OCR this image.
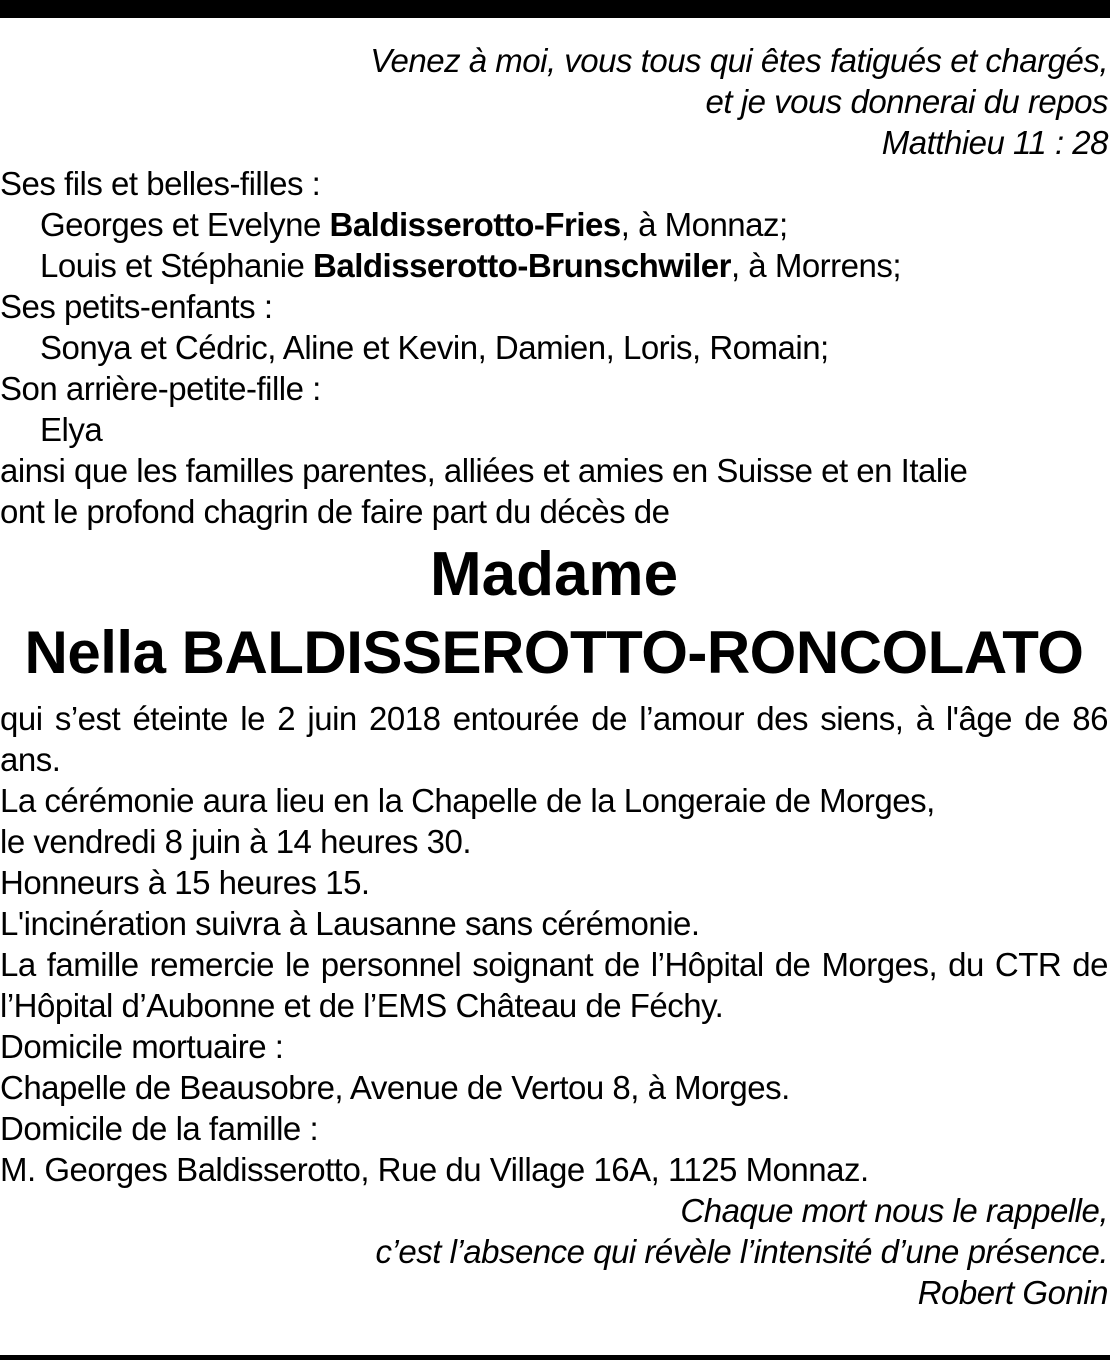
Venez à moi, vous tous qui êtes fatigués et chargés,
et je vous donnerai du repos
Matthieu 11 : 28
Ses fils et belles-filles :
Georges et Evelyne Baldisserotto-Fries, à Monnaz;
Louis et Stéphanie Baldisserotto-Brunschwiler, à Morrens;
Ses petits-enfants :
Sonya et Cédric, Aline et Kevin, Damien, Loris, Romain;
Son arrière-petite-fille :
Elya
ainsi que les familles parentes, alliées et amies en Suisse et en Italie
ont le profond chagrin de faire part du décès de
Madame
Nella BALDISSEROTTO-RONCOLATO
qui s’est éteinte le 2 juin 2018 entourée de l’amour des siens, à l'âge de 86 ans.
La cérémonie aura lieu en la Chapelle de la Longeraie de Morges,
le vendredi 8 juin à 14 heures 30.
Honneurs à 15 heures 15.
L'incinération suivra à Lausanne sans cérémonie.
La famille remercie le personnel soignant de l’Hôpital de Morges, du CTR de l’Hôpital d’Aubonne et de l’EMS Château de Féchy.
Domicile mortuaire :
Chapelle de Beausobre, Avenue de Vertou 8, à Morges.
Domicile de la famille :
M. Georges Baldisserotto, Rue du Village 16A, 1125 Monnaz.
Chaque mort nous le rappelle,
c’est l’absence qui révèle l’intensité d’une présence.
Robert Gonin
